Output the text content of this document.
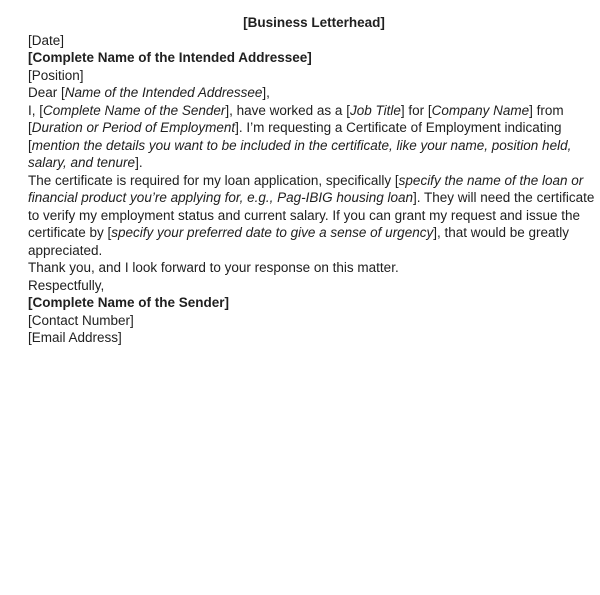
[Business Letterhead]
[Date]
[Complete Name of the Intended Addressee]
[Position]

Dear [Name of the Intended Addressee],

I, [Complete Name of the Sender], have worked as a [Job Title] for [Company Name] from [Duration or Period of Employment]. I’m requesting a Certificate of Employment indicating [mention the details you want to be included in the certificate, like your name, position held, salary, and tenure].

The certificate is required for my loan application, specifically [specify the name of the loan or financial product you’re applying for, e.g., Pag-IBIG housing loan]. They will need the certificate to verify my employment status and current salary. If you can grant my request and issue the certificate by [specify your preferred date to give a sense of urgency], that would be greatly appreciated.

Thank you, and I look forward to your response on this matter.

Respectfully,

[Complete Name of the Sender]
[Contact Number]
[Email Address]
